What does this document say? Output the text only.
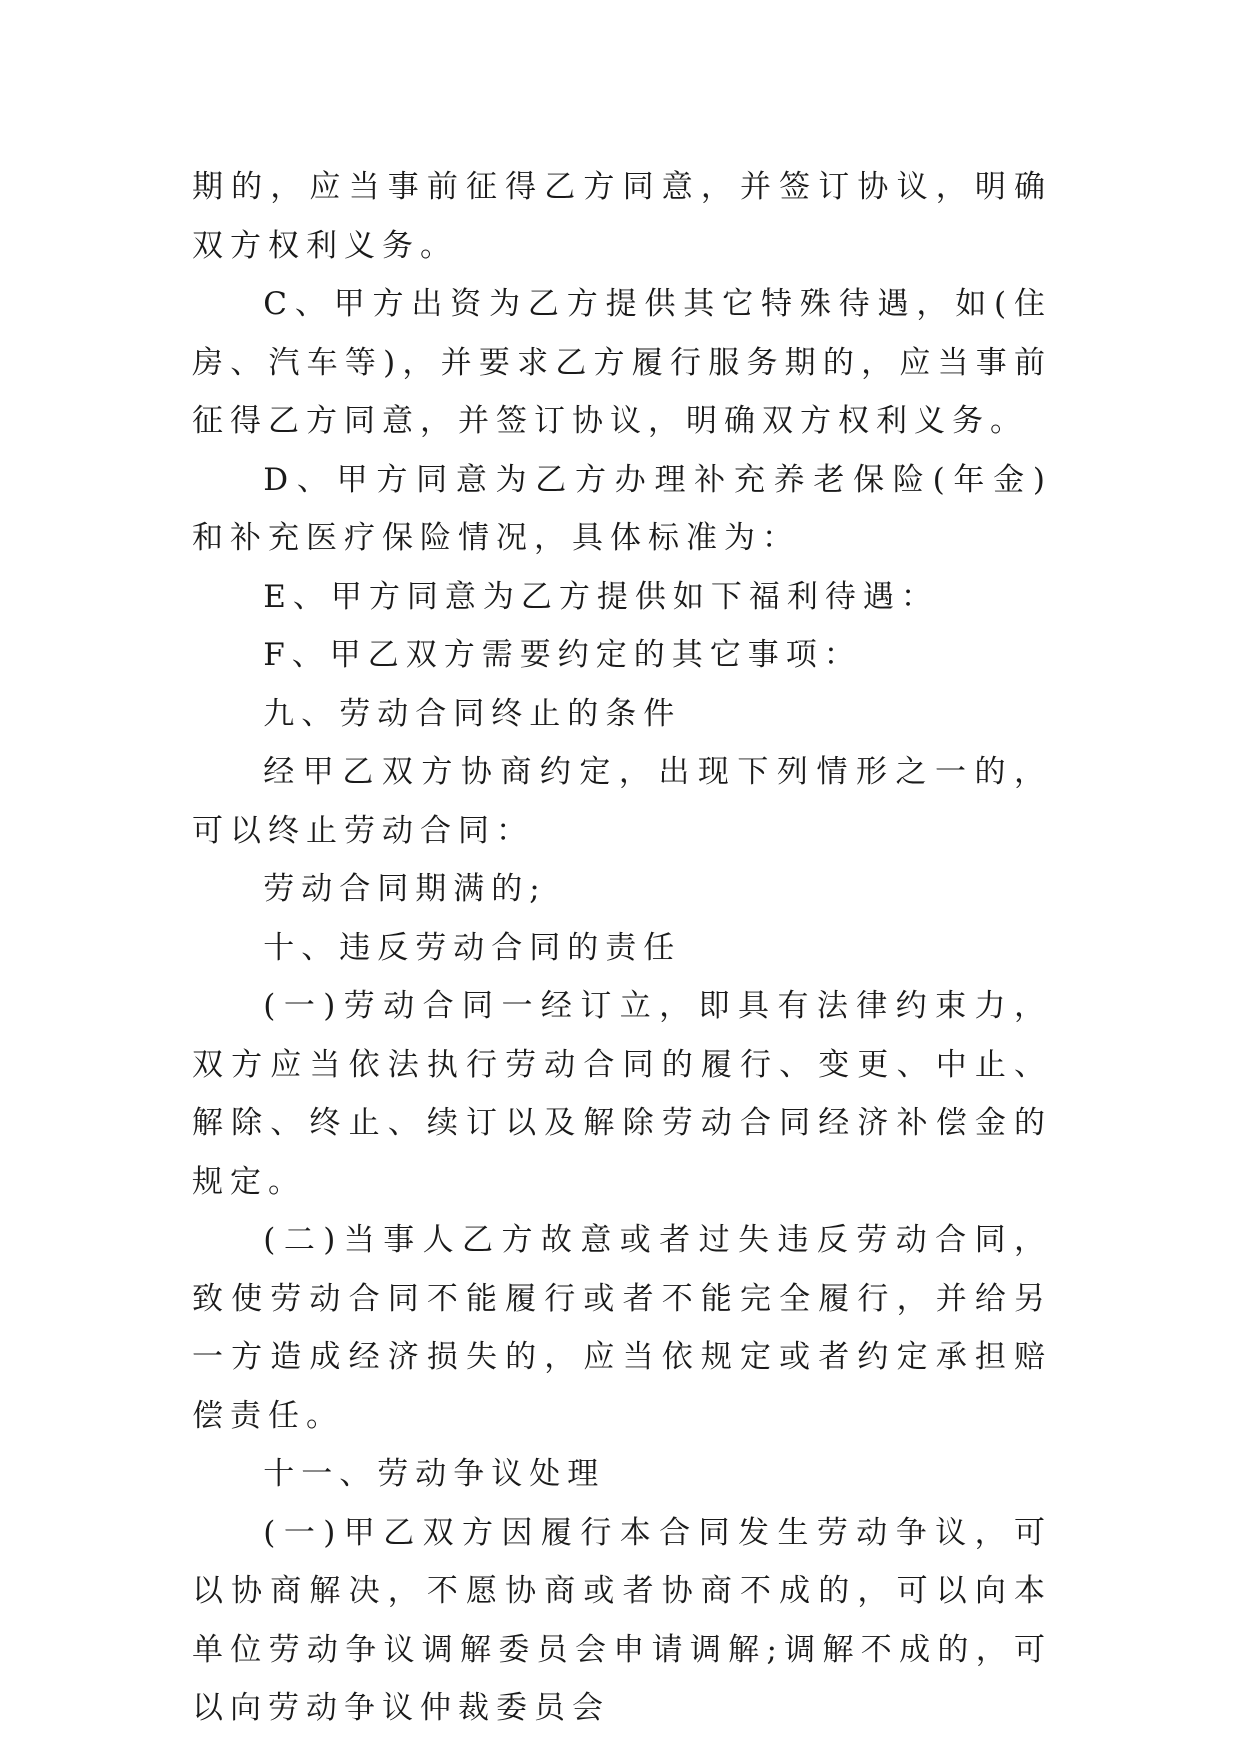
期的，应当事前征得乙方同意，并签订协议，明确双方权利义务。

C、甲方出资为乙方提供其它特殊待遇，如(住房、汽车等)，并要求乙方履行服务期的，应当事前征得乙方同意，并签订协议，明确双方权利义务。

D、甲方同意为乙方办理补充养老保险(年金)和补充医疗保险情况，具体标准为：

E、甲方同意为乙方提供如下福利待遇：

F、甲乙双方需要约定的其它事项：

九、劳动合同终止的条件

经甲乙双方协商约定，出现下列情形之一的，可以终止劳动合同：

劳动合同期满的;

十、违反劳动合同的责任

(一)劳动合同一经订立，即具有法律约束力，双方应当依法执行劳动合同的履行、变更、中止、解除、终止、续订以及解除劳动合同经济补偿金的规定。

(二)当事人乙方故意或者过失违反劳动合同，致使劳动合同不能履行或者不能完全履行，并给另一方造成经济损失的，应当依规定或者约定承担赔偿责任。

十一、劳动争议处理

(一)甲乙双方因履行本合同发生劳动争议，可以协商解决，不愿协商或者协商不成的，可以向本单位劳动争议调解委员会申请调解;调解不成的，可以向劳动争议仲裁委员会
